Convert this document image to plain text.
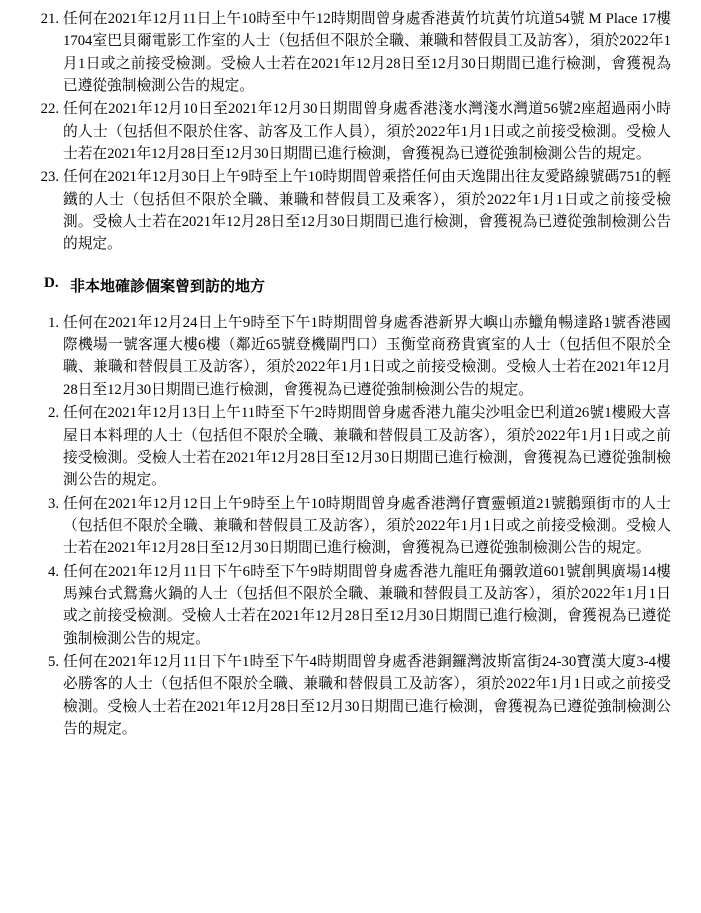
21. 任何在2021年12月11日上午10時至中午12時期間曾身處香港黃竹坑黃竹坑道54號 M Place 17樓1704室巴貝爾電影工作室的人士（包括但不限於全職、兼職和替假員工及訪客），須於2022年1月1日或之前接受檢測。受檢人士若在2021年12月28日至12月30日期間已進行檢測，會獲視為已遵從強制檢測公告的規定。
22. 任何在2021年12月10日至2021年12月30日期間曾身處香港淺水灣淺水灣道56號2座超過兩小時的人士（包括但不限於住客、訪客及工作人員），須於2022年1月1日或之前接受檢測。受檢人士若在2021年12月28日至12月30日期間已進行檢測，會獲視為已遵從強制檢測公告的規定。
23. 任何在2021年12月30日上午9時至上午10時期間曾乘搭任何由天逸開出往友愛路線號碼751的輕鐵的人士（包括但不限於全職、兼職和替假員工及乘客），須於2022年1月1日或之前接受檢測。受檢人士若在2021年12月28日至12月30日期間已進行檢測，會獲視為已遵從強制檢測公告的規定。
D. 非本地確診個案曾到訪的地方
1. 任何在2021年12月24日上午9時至下午1時期間曾身處香港新界大嶼山赤鱲角暢達路1號香港國際機場一號客運大樓6樓（鄰近65號登機閘門口）玉衡堂商務貴賓室的人士（包括但不限於全職、兼職和替假員工及訪客），須於2022年1月1日或之前接受檢測。受檢人士若在2021年12月28日至12月30日期間已進行檢測，會獲視為已遵從強制檢測公告的規定。
2. 任何在2021年12月13日上午11時至下午2時期間曾身處香港九龍尖沙咀金巴利道26號1樓殿大喜屋日本料理的人士（包括但不限於全職、兼職和替假員工及訪客），須於2022年1月1日或之前接受檢測。受檢人士若在2021年12月28日至12月30日期間已進行檢測，會獲視為已遵從強制檢測公告的規定。
3. 任何在2021年12月12日上午9時至上午10時期間曾身處香港灣仔寶靈頓道21號鵝頸街市的人士（包括但不限於全職、兼職和替假員工及訪客），須於2022年1月1日或之前接受檢測。受檢人士若在2021年12月28日至12月30日期間已進行檢測，會獲視為已遵從強制檢測公告的規定。
4. 任何在2021年12月11日下午6時至下午9時期間曾身處香港九龍旺角彌敦道601號創興廣場14樓馬辣台式鴛鴦火鍋的人士（包括但不限於全職、兼職和替假員工及訪客），須於2022年1月1日或之前接受檢測。受檢人士若在2021年12月28日至12月30日期間已進行檢測，會獲視為已遵從強制檢測公告的規定。
5. 任何在2021年12月11日下午1時至下午4時期間曾身處香港銅鑼灣波斯富街24-30寶漢大廈3-4樓必勝客的人士（包括但不限於全職、兼職和替假員工及訪客），須於2022年1月1日或之前接受檢測。受檢人士若在2021年12月28日至12月30日期間已進行檢測，會獲視為已遵從強制檢測公告的規定。
